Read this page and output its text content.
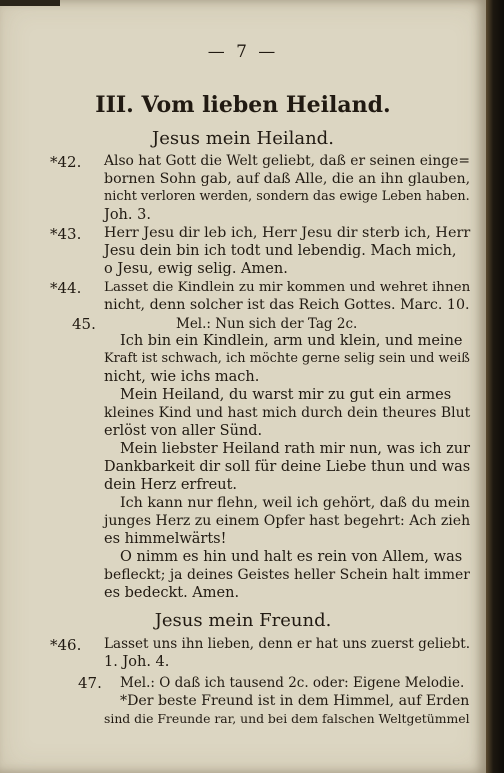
— 7 —
III. Vom lieben Heiland.
Jesus mein Heiland.
*42.	Also hat Gott die Welt geliebt, daß er seinen einge=
bornen Sohn gab, auf daß Alle, die an ihn glauben,
nicht verloren werden, sondern das ewige Leben haben.
Joh. 3.
*43.	Herr Jesu dir leb ich, Herr Jesu dir sterb ich, Herr
Jesu dein bin ich todt und lebendig. Mach mich,
o Jesu, ewig selig. Amen.
*44.	Lasset die Kindlein zu mir kommen und wehret ihnen
nicht, denn solcher ist das Reich Gottes. Marc. 10.
45.	Mel.: Nun sich der Tag 2c.
Ich bin ein Kindlein, arm und klein, und meine
Kraft ist schwach, ich möchte gerne selig sein und weiß
nicht, wie ichs mach.
Mein Heiland, du warst mir zu gut ein armes
kleines Kind und hast mich durch dein theures Blut
erlöst von aller Sünd.
Mein liebster Heiland rath mir nun, was ich zur
Dankbarkeit dir soll für deine Liebe thun und was
dein Herz erfreut.
Ich kann nur flehn, weil ich gehört, daß du mein
junges Herz zu einem Opfer hast begehrt: Ach zieh
es himmelwärts!
O nimm es hin und halt es rein von Allem, was
befleckt; ja deines Geistes heller Schein halt immer
es bedeckt. Amen.
Jesus mein Freund.
*46.	Lasset uns ihn lieben, denn er hat uns zuerst geliebt.
1. Joh. 4.
47.	Mel.: O daß ich tausend 2c. oder: Eigene Melodie.
*Der beste Freund ist in dem Himmel, auf Erden
sind die Freunde rar, und bei dem falschen Weltgetümmel
